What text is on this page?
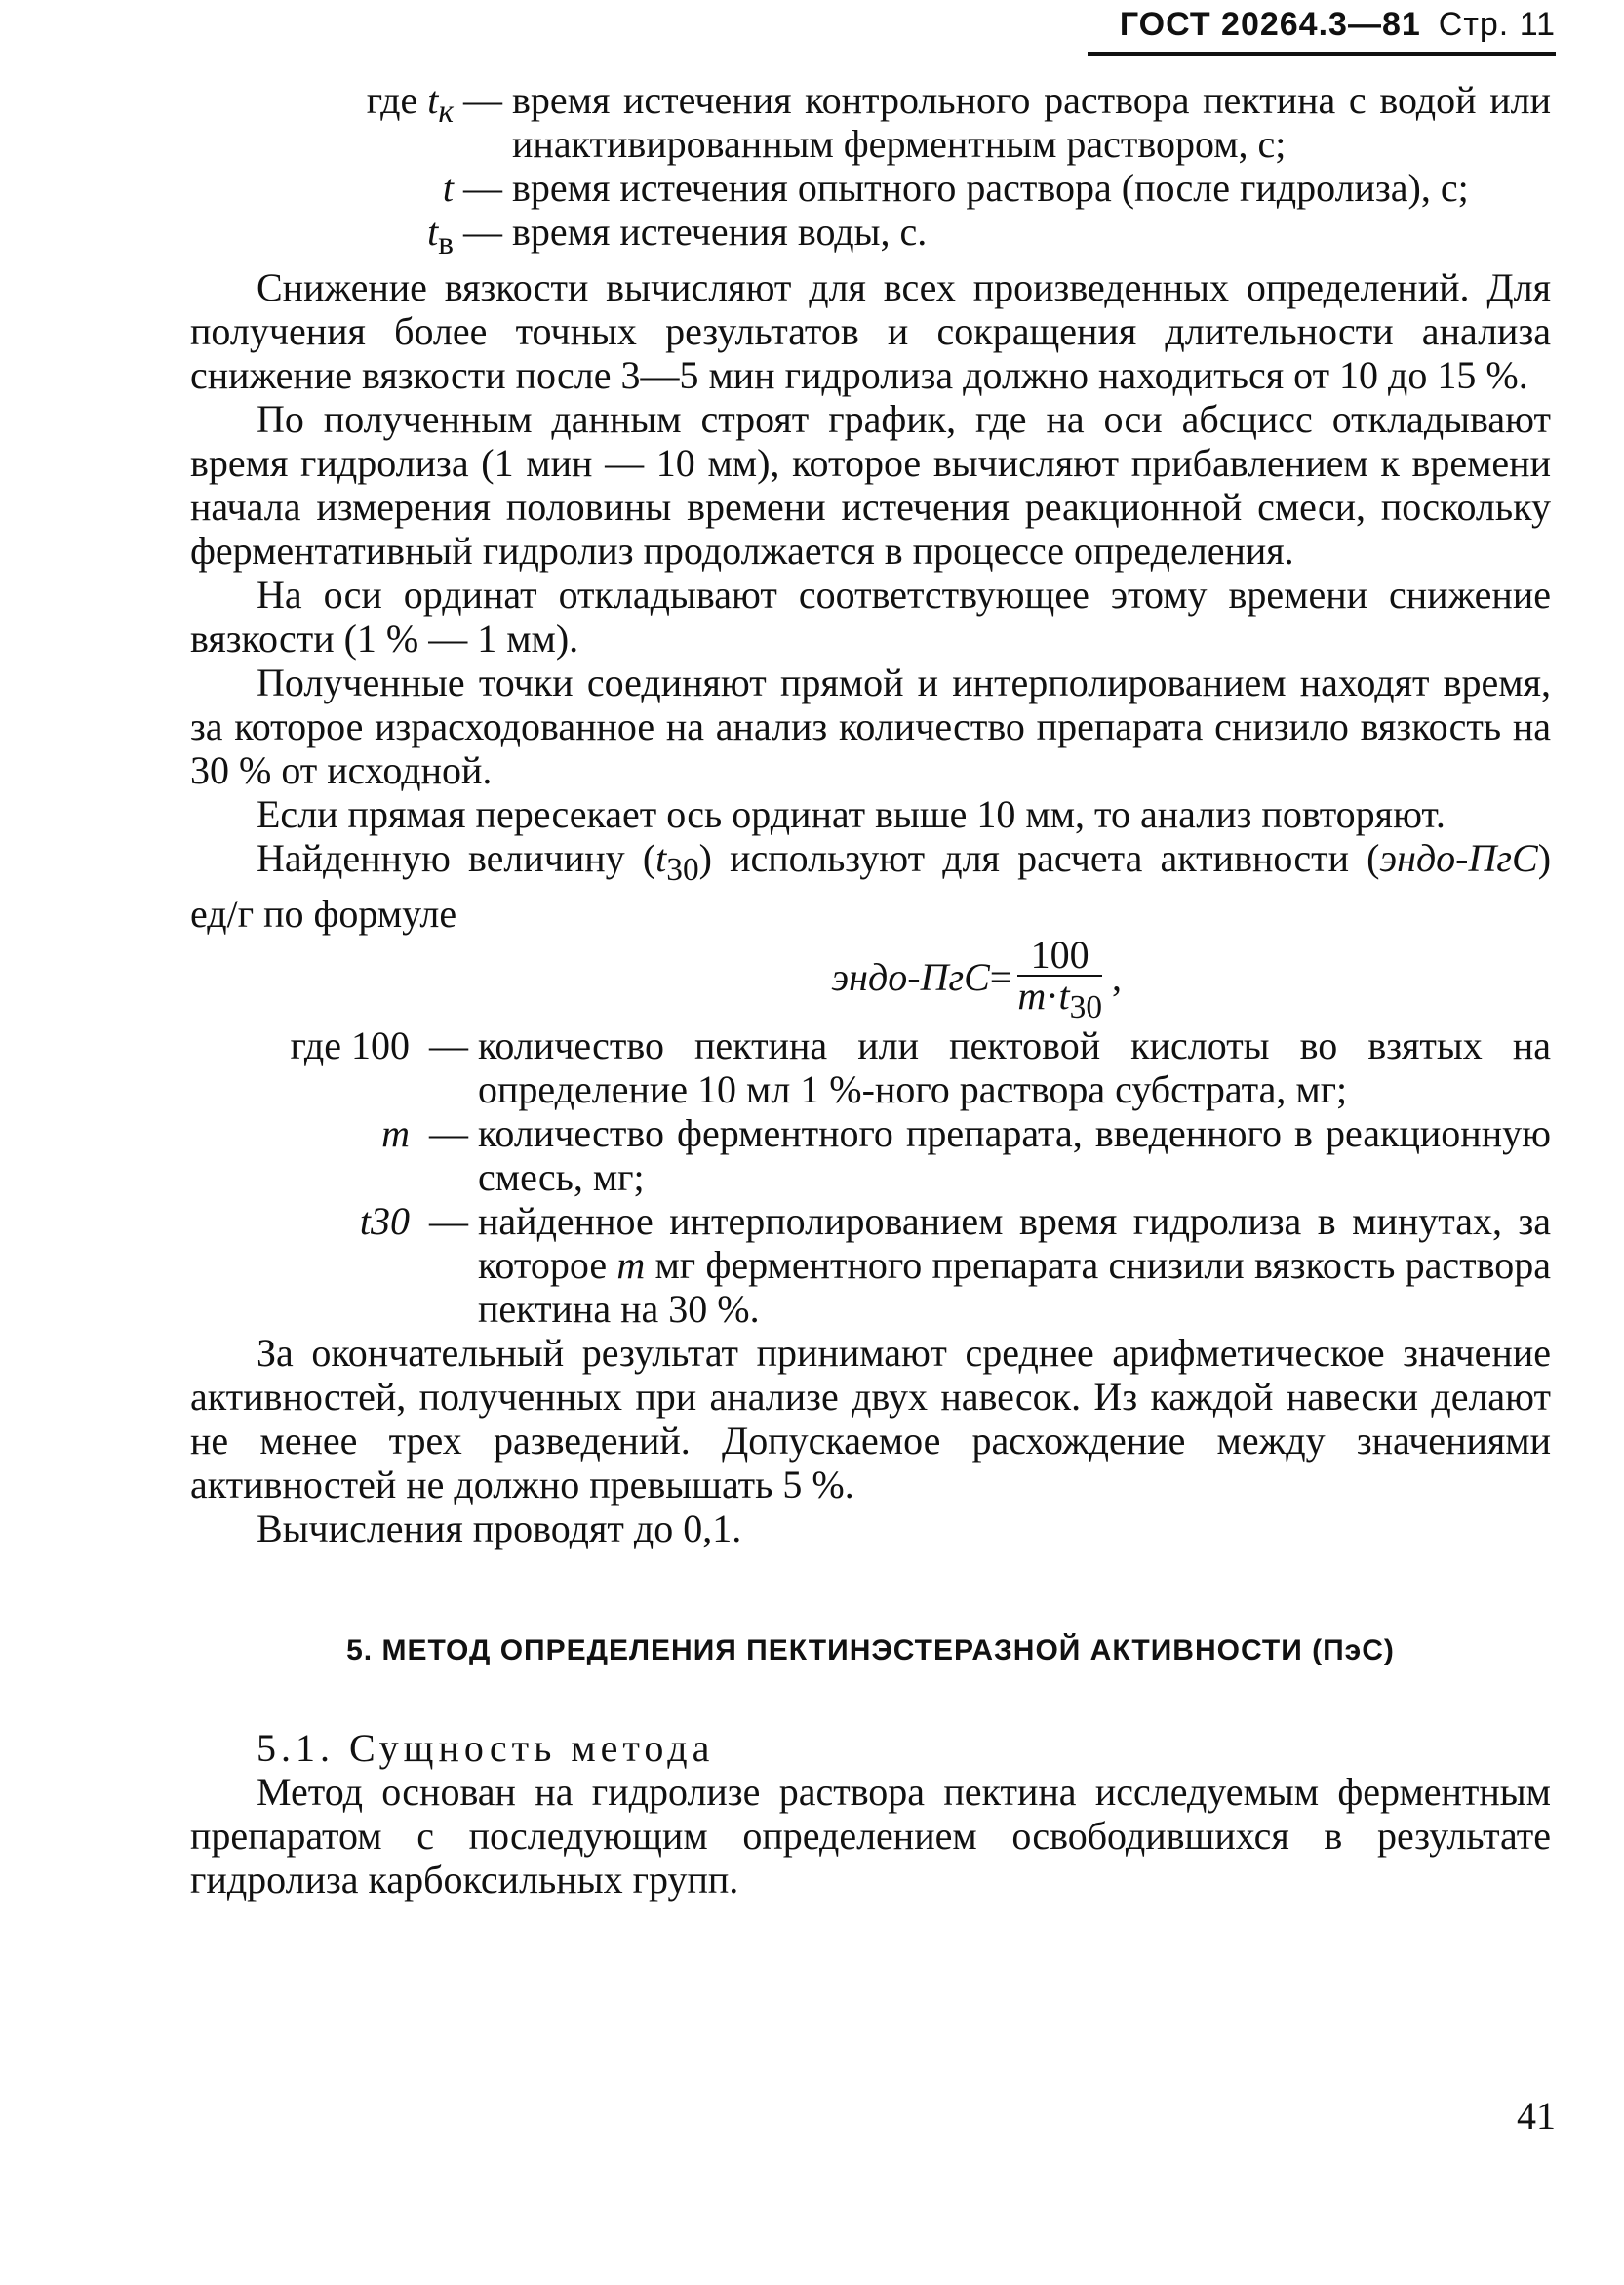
ГОСТ 20264.3—81 Стр. 11
где $t_к$ — время истечения контрольного раствора пектина с водой или инактивированным ферментным раствором, с;
t — время истечения опытного раствора (после гидролиза), с;
$t_в$ — время истечения воды, с.

Снижение вязкости вычисляют для всех произведенных определений. Для получения более точных результатов и сокращения длительности анализа снижение вязкости после 3—5 мин гидролиза должно находиться от 10 до 15 %.

По полученным данным строят график, где на оси абсцисс откладывают время гидролиза (1 мин — 10 мм), которое вычисляют прибавлением к времени начала измерения половины времени истечения реакционной смеси, поскольку ферментативный гидролиз продолжается в процессе определения.

На оси ординат откладывают соответствующее этому времени снижение вязкости (1 % — 1 мм).

Полученные точки соединяют прямой и интерполированием находят время, за которое израсходованное на анализ количество препарата снизило вязкость на 30 % от исходной.

Если прямая пересекает ось ординат выше 10 мм, то анализ повторяют.

Найденную величину $(t_{30})$ используют для расчета активности (эндо-ПгС) ед/г по формуле

эндо-ПгС= $\frac{100}{m\cdot t_{30}}$ ,
где 100 — количество пектина или пектовой кислоты во взятых на определение 10 мл 1 %-ного раствора субстрата, мг;
m — количество ферментного препарата, введенного в реакционную смесь, мг;
t30 — найденное интерполированием время гидролиза в минутах, за которое m мг ферментного препарата снизили вязкость раствора пектина на 30 %.

За окончательный результат принимают среднее арифметическое значение активностей, полученных при анализе двух навесок. Из каждой навески делают не менее трех разведений. Допускаемое расхождение между значениями активностей не должно превышать 5 %.

Вычисления проводят до 0,1.

5. МЕТОД ОПРЕДЕЛЕНИЯ ПЕКТИНЭСТЕРАЗНОЙ АКТИВНОСТИ (ПэС)

5.1. Сущность метода

Метод основан на гидролизе раствора пектина исследуемым ферментным препаратом с последующим определением освободившихся в результате гидролиза карбоксильных групп.

41
